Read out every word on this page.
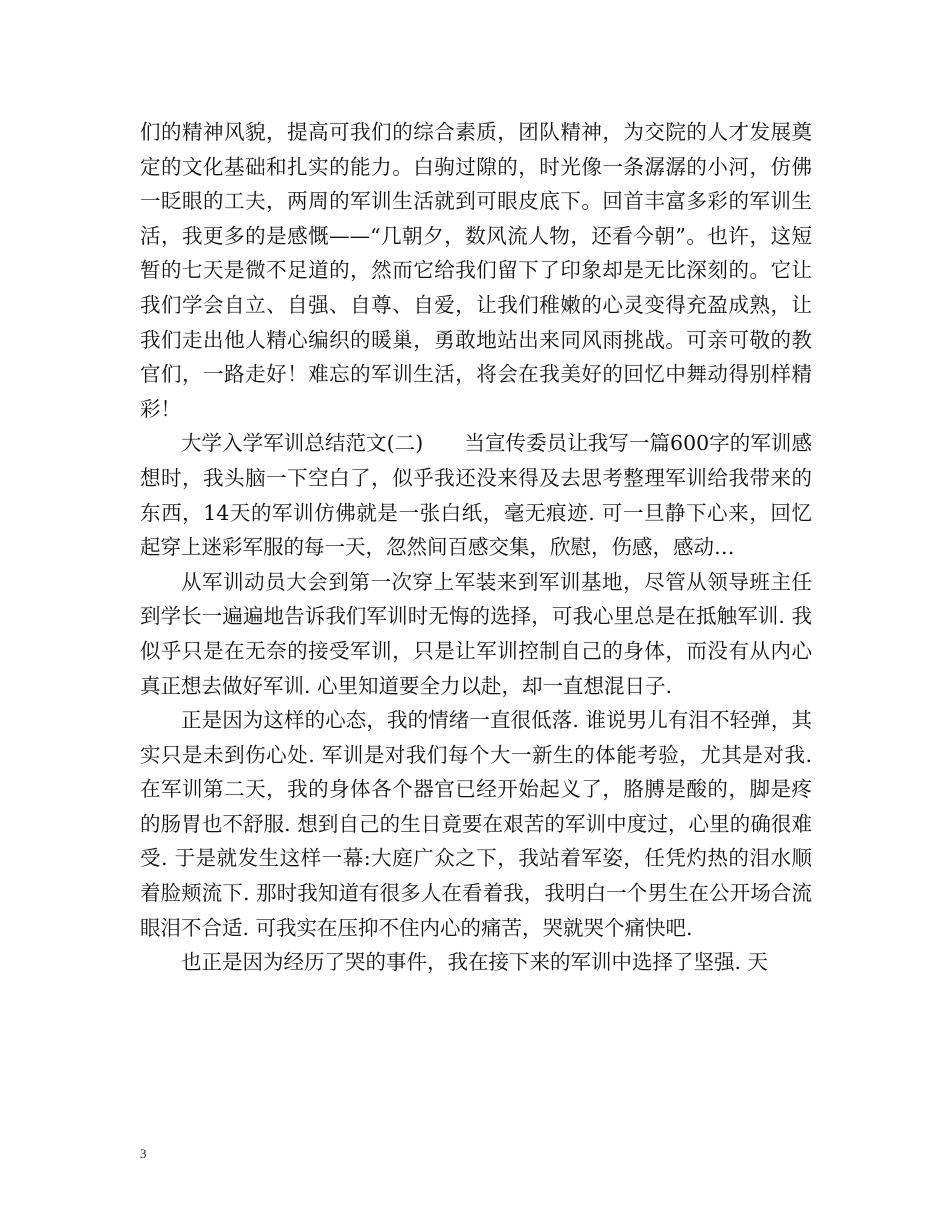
们的精神风貌，提高可我们的综合素质，团队精神，为交院的人才发展奠定的文化基础和扎实的能力。白驹过隙的，时光像一条潺潺的小河，仿佛一眨眼的工夫，两周的军训生活就到可眼皮底下。回首丰富多彩的军训生活，我更多的是感慨——“几朝夕，数风流人物，还看今朝”。也许，这短暂的七天是微不足道的，然而它给我们留下了印象却是无比深刻的。它让我们学会自立、自强、自尊、自爱，让我们稚嫩的心灵变得充盈成熟，让我们走出他人精心编织的暖巢，勇敢地站出来同风雨挑战。可亲可敬的教官们，一路走好！难忘的军训生活，将会在我美好的回忆中舞动得别样精彩！

大学入学军训总结范文(二)　　当宣传委员让我写一篇600字的军训感想时，我头脑一下空白了，似乎我还没来得及去思考整理军训给我带来的东西，14天的军训仿佛就是一张白纸，毫无痕迹. 可一旦静下心来，回忆起穿上迷彩军服的每一天，忽然间百感交集，欣慰，伤感，感动…

从军训动员大会到第一次穿上军装来到军训基地，尽管从领导班主任到学长一遍遍地告诉我们军训时无悔的选择，可我心里总是在抵触军训. 我似乎只是在无奈的接受军训，只是让军训控制自己的身体，而没有从内心真正想去做好军训. 心里知道要全力以赴，却一直想混日子.

正是因为这样的心态，我的情绪一直很低落. 谁说男儿有泪不轻弹，其实只是未到伤心处. 军训是对我们每个大一新生的体能考验，尤其是对我. 在军训第二天，我的身体各个器官已经开始起义了，胳膊是酸的，脚是疼的肠胃也不舒服. 想到自己的生日竟要在艰苦的军训中度过，心里的确很难受. 于是就发生这样一幕:大庭广众之下，我站着军姿，任凭灼热的泪水顺着脸颊流下. 那时我知道有很多人在看着我，我明白一个男生在公开场合流眼泪不合适. 可我实在压抑不住内心的痛苦，哭就哭个痛快吧.

也正是因为经历了哭的事件，我在接下来的军训中选择了坚强. 天

3
